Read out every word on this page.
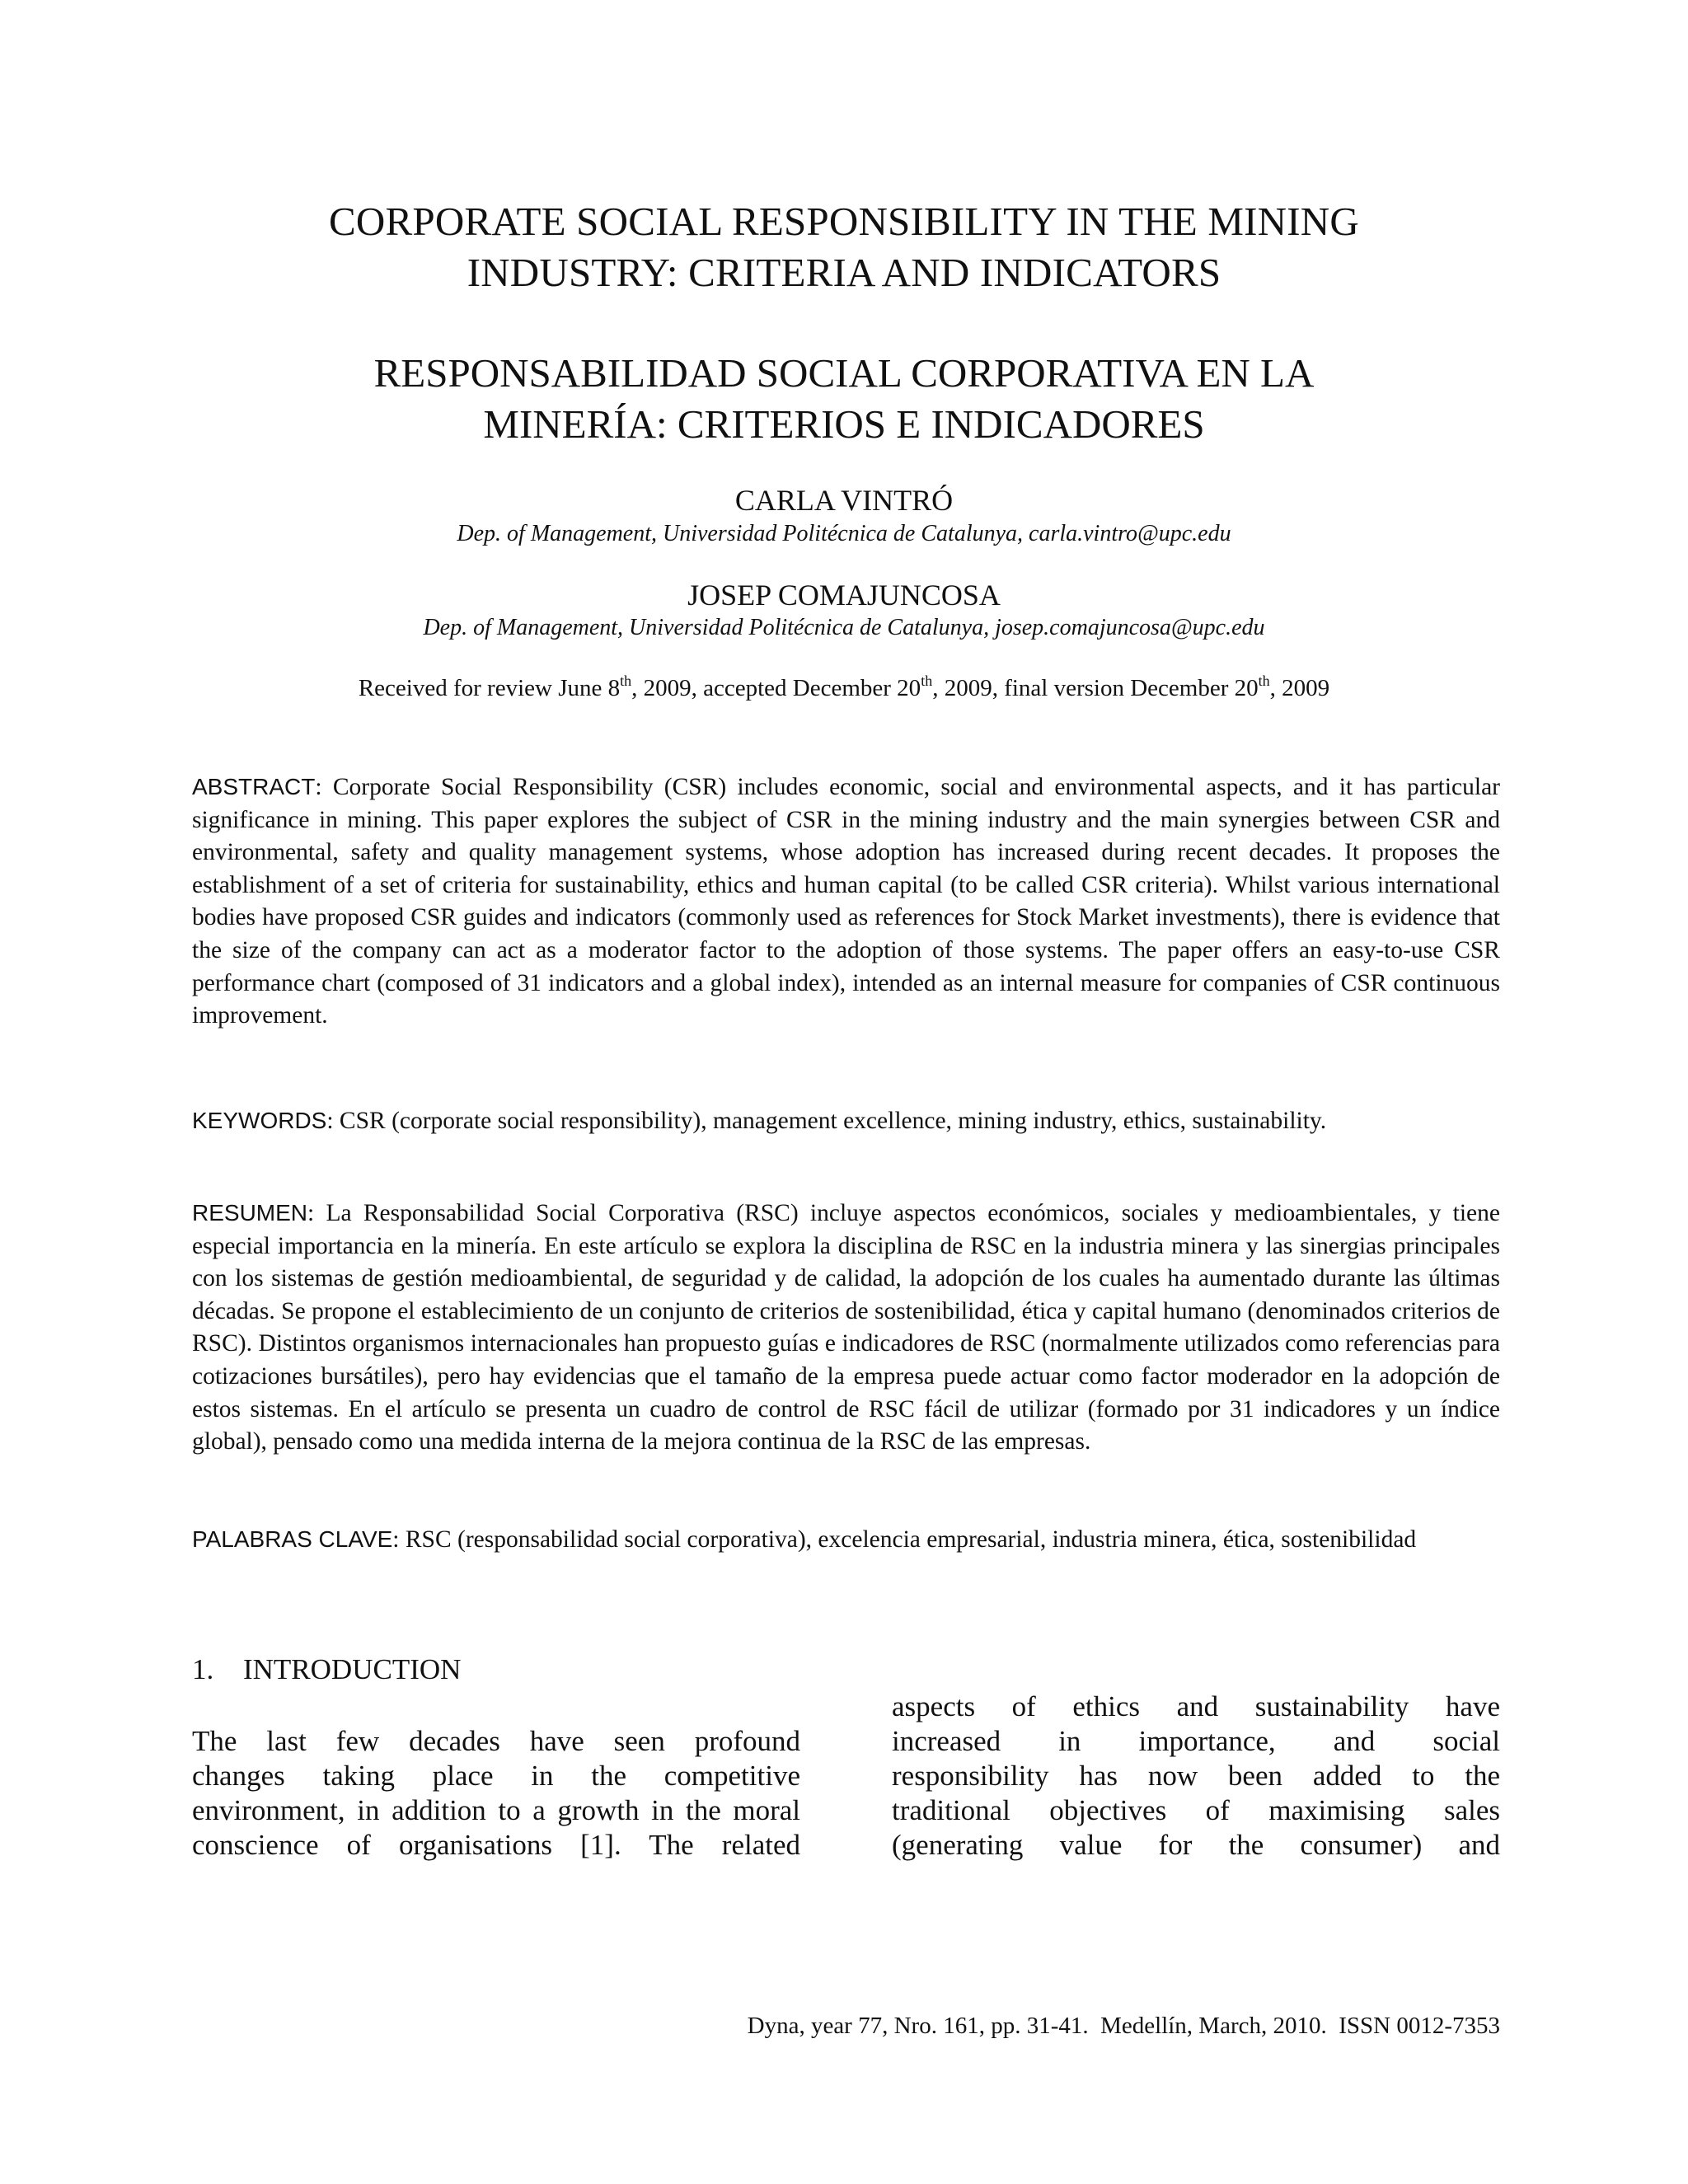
CORPORATE SOCIAL RESPONSIBILITY IN THE MINING
INDUSTRY: CRITERIA AND INDICATORS
RESPONSABILIDAD SOCIAL CORPORATIVA EN LA
MINERÍA: CRITERIOS E INDICADORES
CARLA VINTRÓ
Dep. of Management, Universidad Politécnica de Catalunya, carla.vintro@upc.edu
JOSEP COMAJUNCOSA
Dep. of Management, Universidad Politécnica de Catalunya, josep.comajuncosa@upc.edu
Received for review June 8th, 2009, accepted December 20th, 2009, final version December 20th, 2009
ABSTRACT: Corporate Social Responsibility (CSR) includes economic, social and environmental aspects, and it has particular significance in mining. This paper explores the subject of CSR in the mining industry and the main synergies between CSR and environmental, safety and quality management systems, whose adoption has increased during recent decades. It proposes the establishment of a set of criteria for sustainability, ethics and human capital (to be called CSR criteria). Whilst various international bodies have proposed CSR guides and indicators (commonly used as references for Stock Market investments), there is evidence that the size of the company can act as a moderator factor to the adoption of those systems. The paper offers an easy-to-use CSR performance chart (composed of 31 indicators and a global index), intended as an internal measure for companies of CSR continuous improvement.
KEYWORDS: CSR (corporate social responsibility), management excellence, mining industry, ethics, sustainability.
RESUMEN: La Responsabilidad Social Corporativa (RSC) incluye aspectos económicos, sociales y medioambientales, y tiene especial importancia en la minería. En este artículo se explora la disciplina de RSC en la industria minera y las sinergias principales con los sistemas de gestión medioambiental, de seguridad y de calidad, la adopción de los cuales ha aumentado durante las últimas décadas. Se propone el establecimiento de un conjunto de criterios de sostenibilidad, ética y capital humano (denominados criterios de RSC). Distintos organismos internacionales han propuesto guías e indicadores de RSC (normalmente utilizados como referencias para cotizaciones bursátiles), pero hay evidencias que el tamaño de la empresa puede actuar como factor moderador en la adopción de estos sistemas. En el artículo se presenta un cuadro de control de RSC fácil de utilizar (formado por 31 indicadores y un índice global), pensado como una medida interna de la mejora continua de la RSC de las empresas.
PALABRAS CLAVE: RSC (responsabilidad social corporativa), excelencia empresarial, industria minera, ética, sostenibilidad
1. INTRODUCTION
The last few decades have seen profound
changes taking place in the competitive
environment, in addition to a growth in the moral
conscience of organisations [1]. The related
aspects of ethics and sustainability have
increased in importance, and social
responsibility has now been added to the
traditional objectives of maximising sales
(generating value for the consumer) and
Dyna, year 77, Nro. 161, pp. 31-41.  Medellín, March, 2010.  ISSN 0012-7353
